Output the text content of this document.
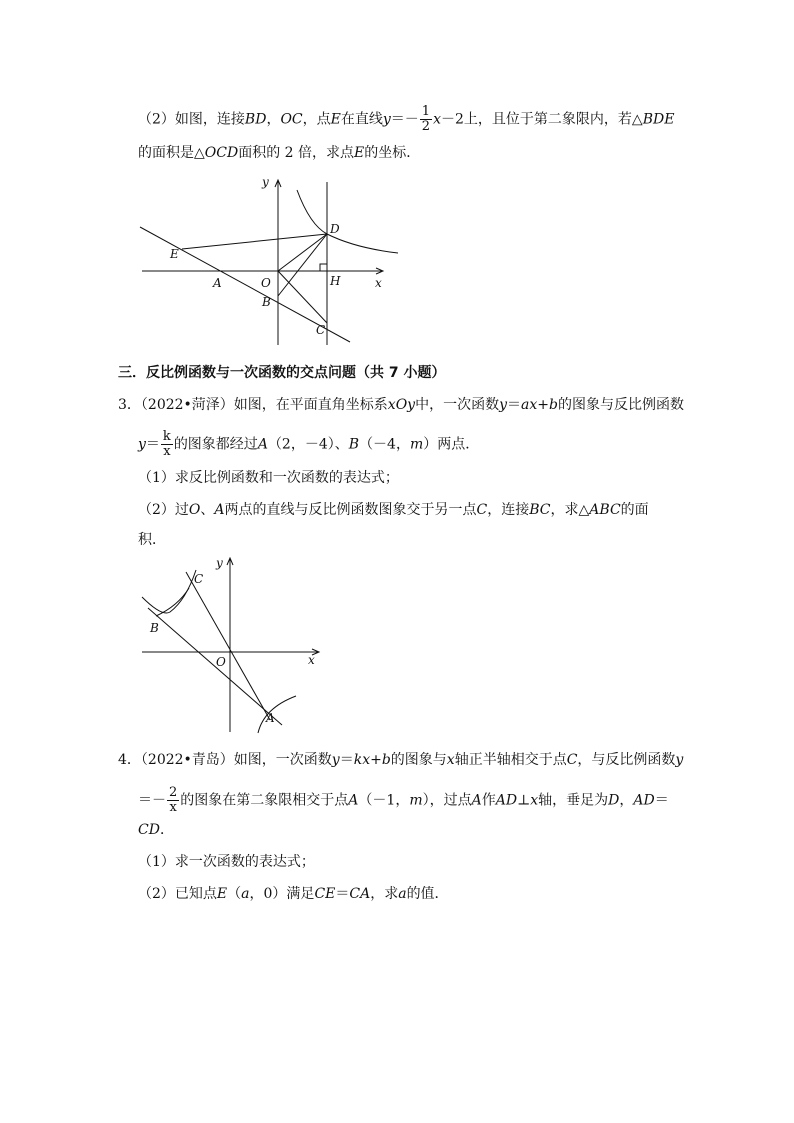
（2）如图，连接BD，OC，点E在直线$y=- \frac{1}{2} x-2$上，且位于第二象限内，若△BDE
的面积是△OCD面积的 2 倍，求点E的坐标．
y
x
D
E
O
A	H
B
C
三．反比例函数与一次函数的交点问题（共 7 小题）
3．（2022•菏泽）如图，在平面直角坐标系xOy中，一次函数y＝ax+b的图象与反比例函数
$y= \frac{k}{x}$ 的图象都经过A（2，－4）、B（－4，m）两点．
（1）求反比例函数和一次函数的表达式；
（2）过O、A两点的直线与反比例函数图象交于另一点C，连接BC，求△ABC的面
积．
y
C
B
O	x
A
4．（2022•青岛）如图，一次函数y＝kx+b的图象与x轴正半轴相交于点C，与反比例函数y
＝－ $\frac{2}{x}$ 的图象在第二象限相交于点A（－1，m），过点A作AD⊥x轴，垂足为D，AD＝
CD．
（1）求一次函数的表达式；
（2）已知点E（a，0）满足CE＝CA，求a的值．
